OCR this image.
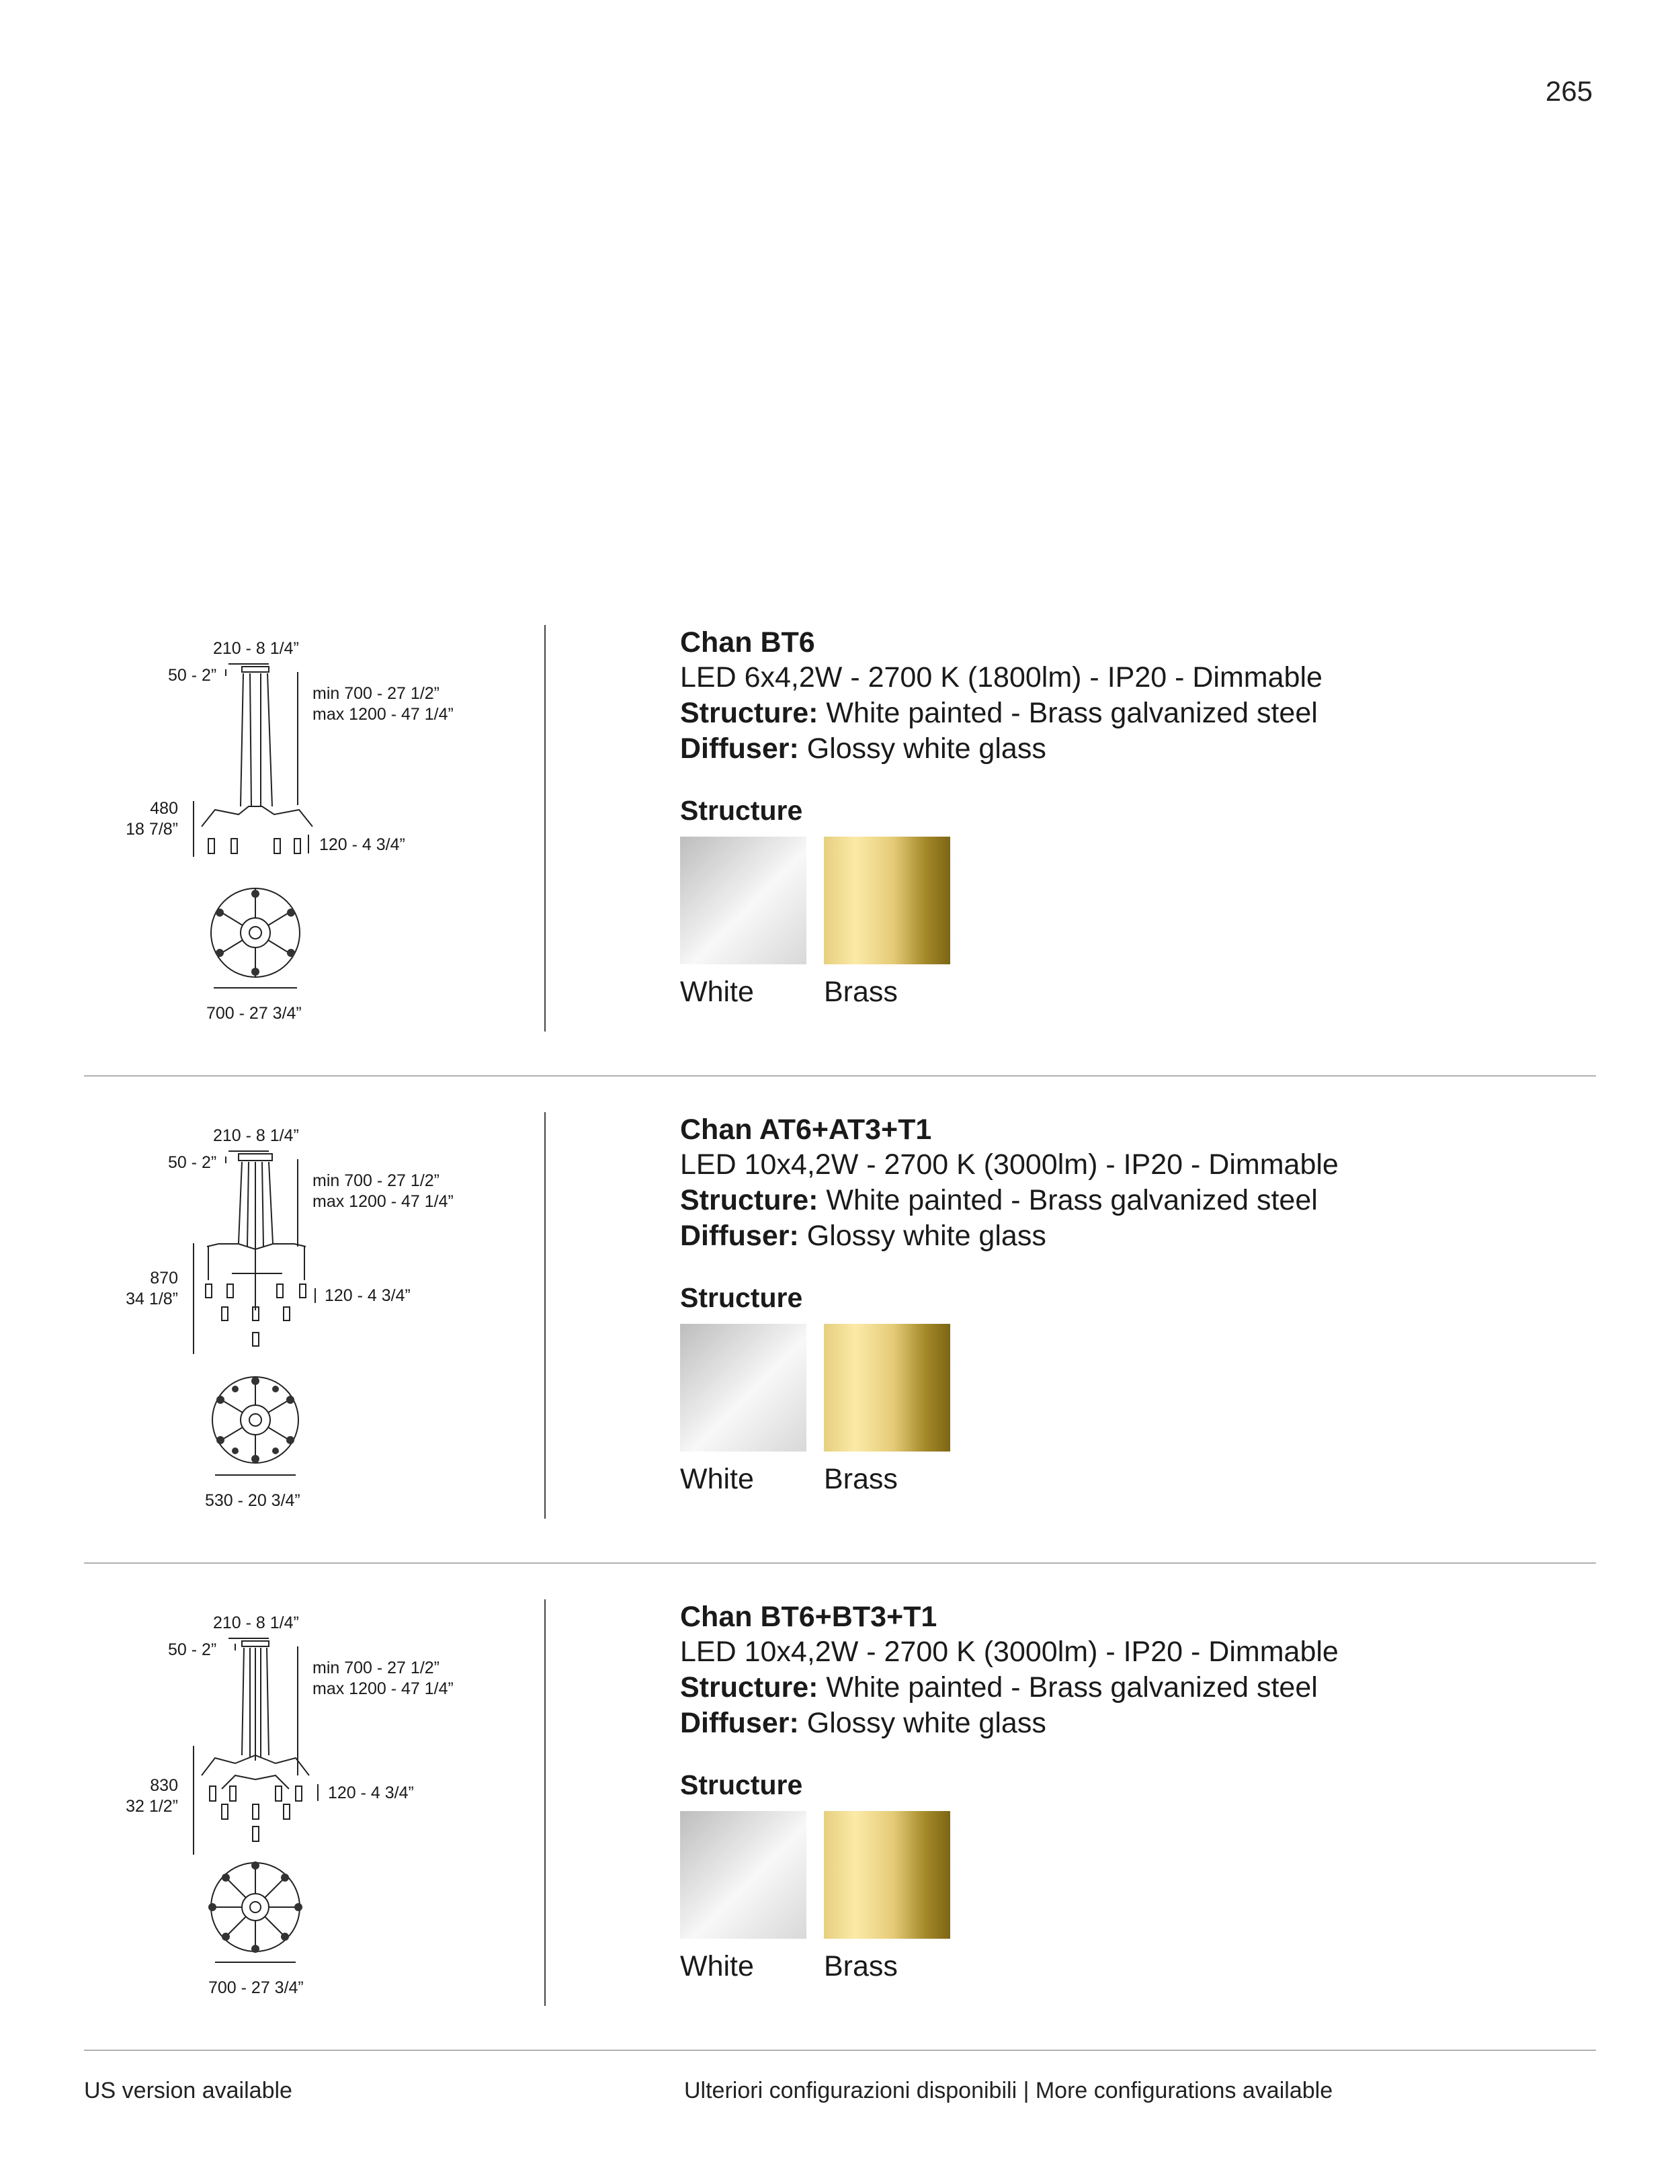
265
210 - 8 1/4”
50 - 2”
min 700 - 27 1/2”
max 1200 - 47 1/4”
480
18 7/8”
120 - 4 3/4”
700 - 27 3/4”
Chan BT6
LED 6x4,2W - 2700 K (1800lm) - IP20 - Dimmable
Structure: White painted - Brass galvanized steel
Diffuser: Glossy white glass
Structure
White	Brass
210 - 8 1/4”
50 - 2”
min 700 - 27 1/2”
max 1200 - 47 1/4”
870
34 1/8”	120 - 4 3/4”
530 - 20 3/4”
Chan AT6+AT3+T1
LED 10x4,2W - 2700 K (3000lm) - IP20 - Dimmable
Structure: White painted - Brass galvanized steel
Diffuser: Glossy white glass
Structure
White	Brass
210 - 8 1/4”
50 - 2”
min 700 - 27 1/2”
max 1200 - 47 1/4”
830
32 1/2”
120 - 4 3/4”
700 - 27 3/4”
Chan BT6+BT3+T1
LED 10x4,2W - 2700 K (3000lm) - IP20 - Dimmable
Structure: White painted - Brass galvanized steel
Diffuser: Glossy white glass
Structure
White	Brass
US version available	Ulteriori configurazioni disponibili | More configurations available
